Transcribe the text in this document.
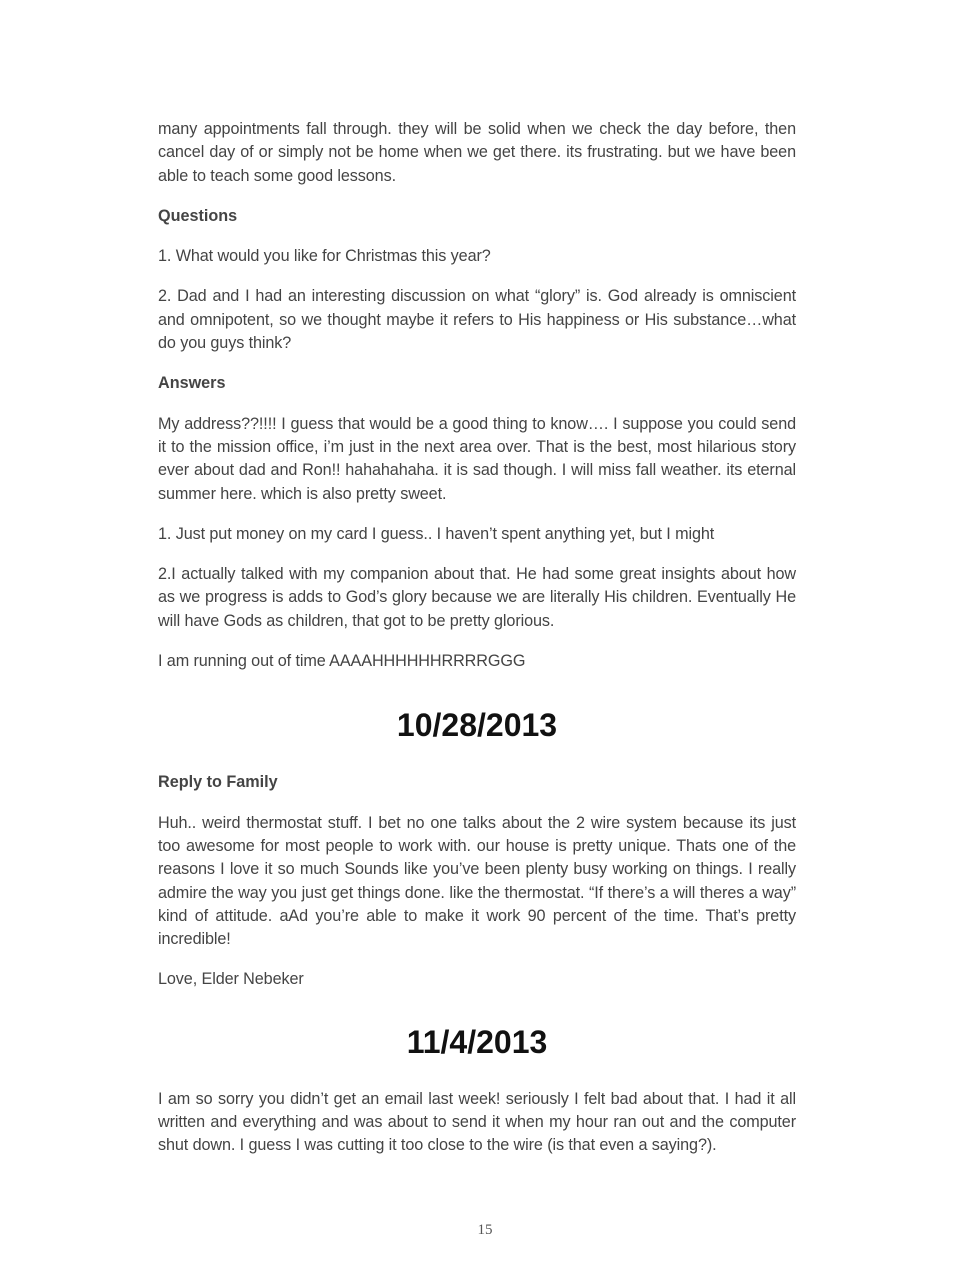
many appointments fall through. they will be solid when we check the day before, then cancel day of or simply not be home when we get there. its frustrating. but we have been able to teach some good lessons.

Questions

1. What would you like for Christmas this year?

2. Dad and I had an interesting discussion on what “glory” is. God already is omniscient and omnipotent, so we thought maybe it refers to His happiness or His substance…what do you guys think?

Answers

My address??!!!! I guess that would be a good thing to know…. I suppose you could send it to the mission office, i’m just in the next area over. That is the best, most hilarious story ever about dad and Ron!! hahahahaha. it is sad though. I will miss fall weather. its eternal summer here. which is also pretty sweet.

1. Just put money on my card I guess.. I haven’t spent anything yet, but I might

2.I actually talked with my companion about that. He had some great insights about how as we progress is adds to God’s glory because we are literally His children. Eventually He will have Gods as children, that got to be pretty glorious.

I am running out of time AAAAHHHHHHRRRRGGG

10/28/2013

Reply to Family

Huh.. weird thermostat stuff. I bet no one talks about the 2 wire system because its just too awesome for most people to work with. our house is pretty unique. Thats one of the reasons I love it so much Sounds like you’ve been plenty busy working on things. I really admire the way you just get things done. like the thermostat. “If there’s a will theres a way” kind of attitude. aAd you’re able to make it work 90 percent of the time. That’s pretty incredible!

Love, Elder Nebeker

11/4/2013

I am so sorry you didn’t get an email last week! seriously I felt bad about that. I had it all written and everything and was about to send it when my hour ran out and the computer shut down. I guess I was cutting it too close to the wire (is that even a saying?).

15
